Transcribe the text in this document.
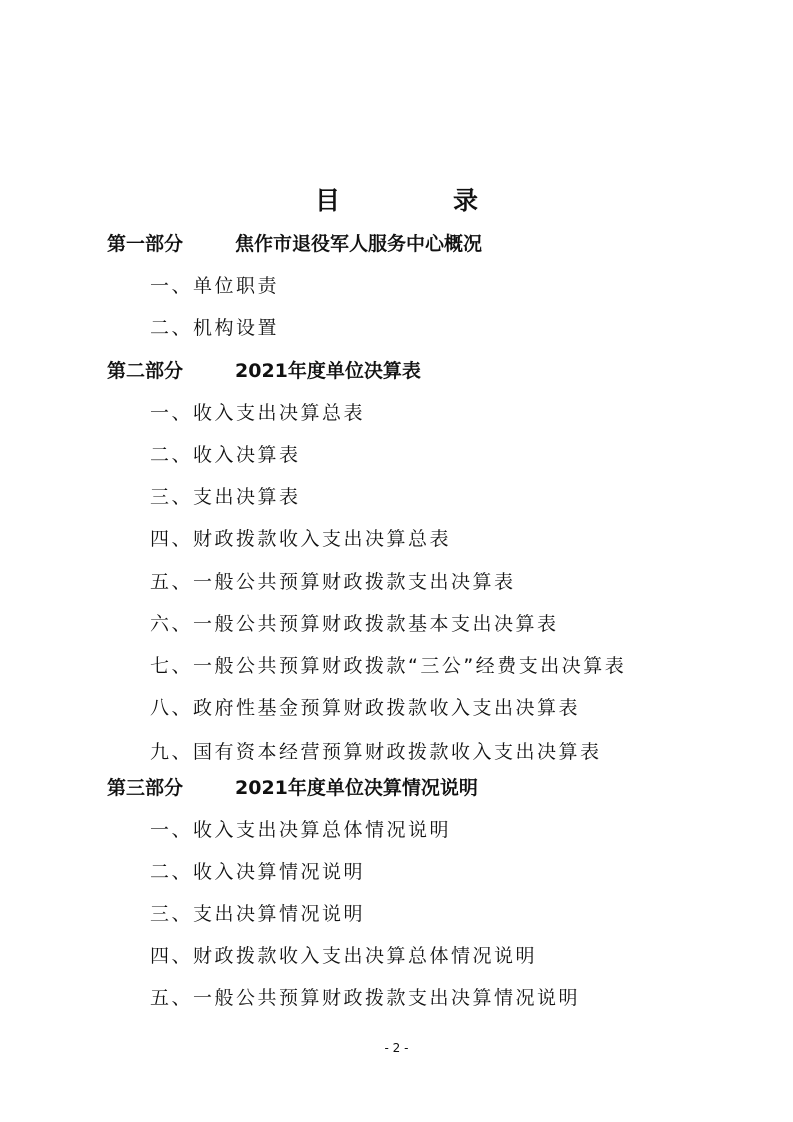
目　录
第一部分	焦作市退役军人服务中心概况
一、单位职责
二、机构设置
第二部分	2021年度单位决算表
一、收入支出决算总表
二、收入决算表
三、支出决算表
四、财政拨款收入支出决算总表
五、一般公共预算财政拨款支出决算表
六、一般公共预算财政拨款基本支出决算表
七、一般公共预算财政拨款“三公”经费支出决算表
八、政府性基金预算财政拨款收入支出决算表
九、国有资本经营预算财政拨款收入支出决算表
第三部分	2021年度单位决算情况说明
一、收入支出决算总体情况说明
二、收入决算情况说明
三、支出决算情况说明
四、财政拨款收入支出决算总体情况说明
五、一般公共预算财政拨款支出决算情况说明
- 2 -
